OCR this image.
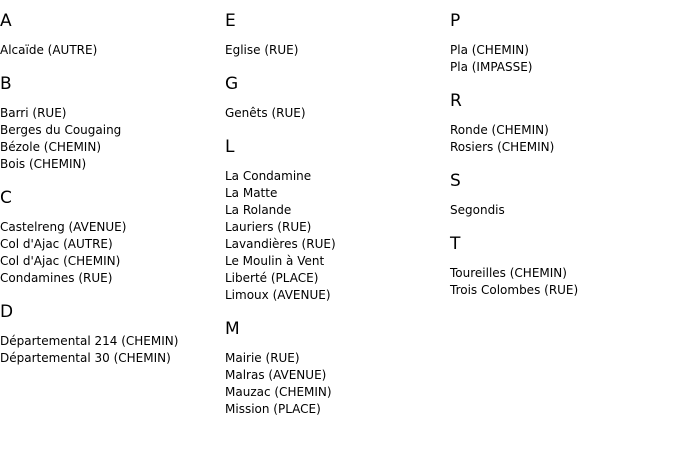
A
Alcaïde (AUTRE)
B
Barri (RUE)
Berges du Cougaing
Bézole (CHEMIN)
Bois (CHEMIN)
C
Castelreng (AVENUE)
Col d'Ajac (AUTRE)
Col d'Ajac (CHEMIN)
Condamines (RUE)
D
Départemental 214 (CHEMIN)
Départemental 30 (CHEMIN)
E
Eglise (RUE)
G
Genêts (RUE)
L
La Condamine
La Matte
La Rolande
Lauriers (RUE)
Lavandières (RUE)
Le Moulin à Vent
Liberté (PLACE)
Limoux (AVENUE)
M
Mairie (RUE)
Malras (AVENUE)
Mauzac (CHEMIN)
Mission (PLACE)
P
Pla (CHEMIN)
Pla (IMPASSE)
R
Ronde (CHEMIN)
Rosiers (CHEMIN)
S
Segondis
T
Toureilles (CHEMIN)
Trois Colombes (RUE)
